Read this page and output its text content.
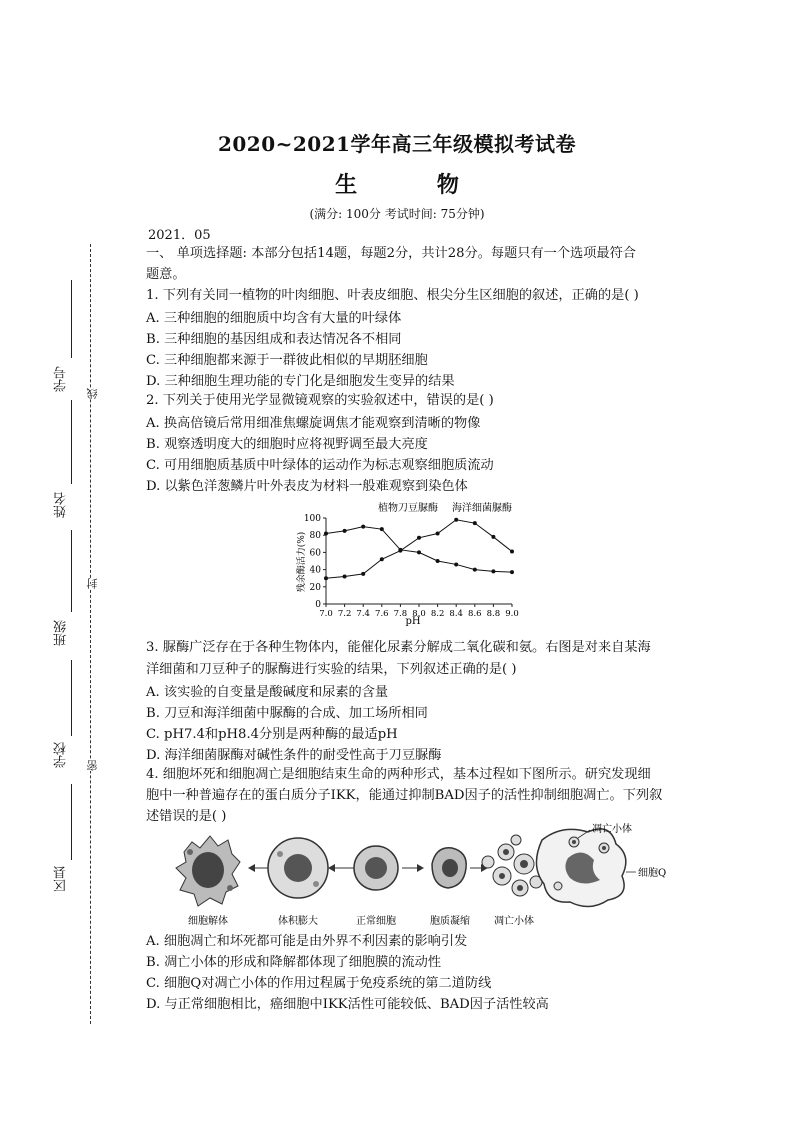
2020~2021学年高三年级模拟考试卷
生 物
(满分: 100分 考试时间: 75分钟)
2021．05
学号
姓名
班级
学校
区县
线
封
密
一、 单项选择题: 本部分包括14题，每题2分，共计28分。每题只有一个选项最符合
题意。
1. 下列有关同一植物的叶肉细胞、叶表皮细胞、根尖分生区细胞的叙述，正确的是( )
A. 三种细胞的细胞质中均含有大量的叶绿体
B. 三种细胞的基因组成和表达情况各不相同
C. 三种细胞都来源于一群彼此相似的早期胚细胞
D. 三种细胞生理功能的专门化是细胞发生变异的结果
2. 下列关于使用光学显微镜观察的实验叙述中，错误的是( )
A. 换高倍镜后常用细准焦螺旋调焦才能观察到清晰的物像
B. 观察透明度大的细胞时应将视野调至最大亮度
C. 可用细胞质基质中叶绿体的运动作为标志观察细胞质流动
D. 以紫色洋葱鳞片叶外表皮为材料一般难观察到染色体
植物刀豆脲酶 海洋细菌脲酶
残余酶活力(%)
pH
0
20
40
60
80
100
7.0 7.2 7.4 7.6 7.8 8.0 8.2 8.4 8.6 8.8 9.0
3. 脲酶广泛存在于各种生物体内，能催化尿素分解成二氧化碳和氨。右图是对来自某海
洋细菌和刀豆种子的脲酶进行实验的结果，下列叙述正确的是( )
A. 该实验的自变量是酸碱度和尿素的含量
B. 刀豆和海洋细菌中脲酶的合成、加工场所相同
C. pH7.4和pH8.4分别是两种酶的最适pH
D. 海洋细菌脲酶对碱性条件的耐受性高于刀豆脲酶
4. 细胞坏死和细胞凋亡是细胞结束生命的两种形式，基本过程如下图所示。研究发现细
胞中一种普遍存在的蛋白质分子IKK，能通过抑制BAD因子的活性抑制细胞凋亡。下列叙
述错误的是( )
细胞解体	体积膨大	正常细胞	胞质凝缩 凋亡小体
凋亡小体
细胞Q
A. 细胞凋亡和坏死都可能是由外界不利因素的影响引发
B. 凋亡小体的形成和降解都体现了细胞膜的流动性
C. 细胞Q对凋亡小体的作用过程属于免疫系统的第二道防线
D. 与正常细胞相比，癌细胞中IKK活性可能较低、BAD因子活性较高
